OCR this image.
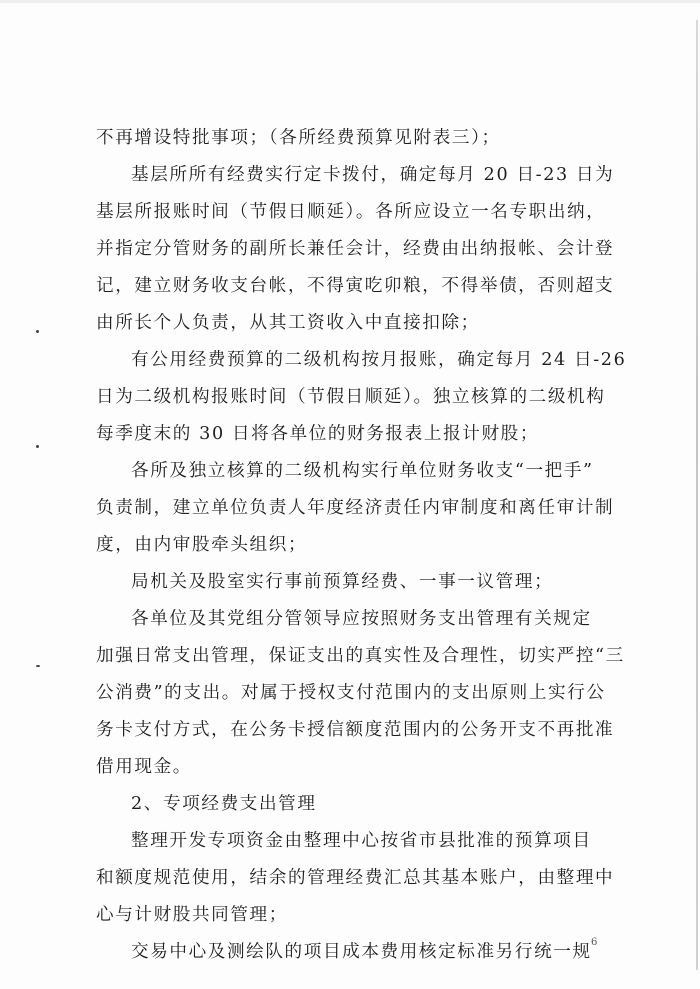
不再增设特批事项；（各所经费预算见附表三）；
基层所所有经费实行定卡拨付，确定每月 20 日-23 日为
基层所报账时间（节假日顺延）。各所应设立一名专职出纳，
并指定分管财务的副所长兼任会计，经费由出纳报帐、会计登
记，建立财务收支台帐，不得寅吃卯粮，不得举债，否则超支
由所长个人负责，从其工资收入中直接扣除；
有公用经费预算的二级机构按月报账，确定每月 24 日-26
日为二级机构报账时间（节假日顺延）。独立核算的二级机构
每季度末的 30 日将各单位的财务报表上报计财股；
各所及独立核算的二级机构实行单位财务收支“一把手”
负责制，建立单位负责人年度经济责任内审制度和离任审计制
度，由内审股牵头组织；
局机关及股室实行事前预算经费、一事一议管理；
各单位及其党组分管领导应按照财务支出管理有关规定
加强日常支出管理，保证支出的真实性及合理性，切实严控“三
公消费”的支出。对属于授权支付范围内的支出原则上实行公
务卡支付方式，在公务卡授信额度范围内的公务开支不再批准
借用现金。
2、专项经费支出管理
整理开发专项资金由整理中心按省市县批准的预算项目
和额度规范使用，结余的管理经费汇总其基本账户，由整理中
心与计财股共同管理；
交易中心及测绘队的项目成本费用核定标准另行统一规 6
